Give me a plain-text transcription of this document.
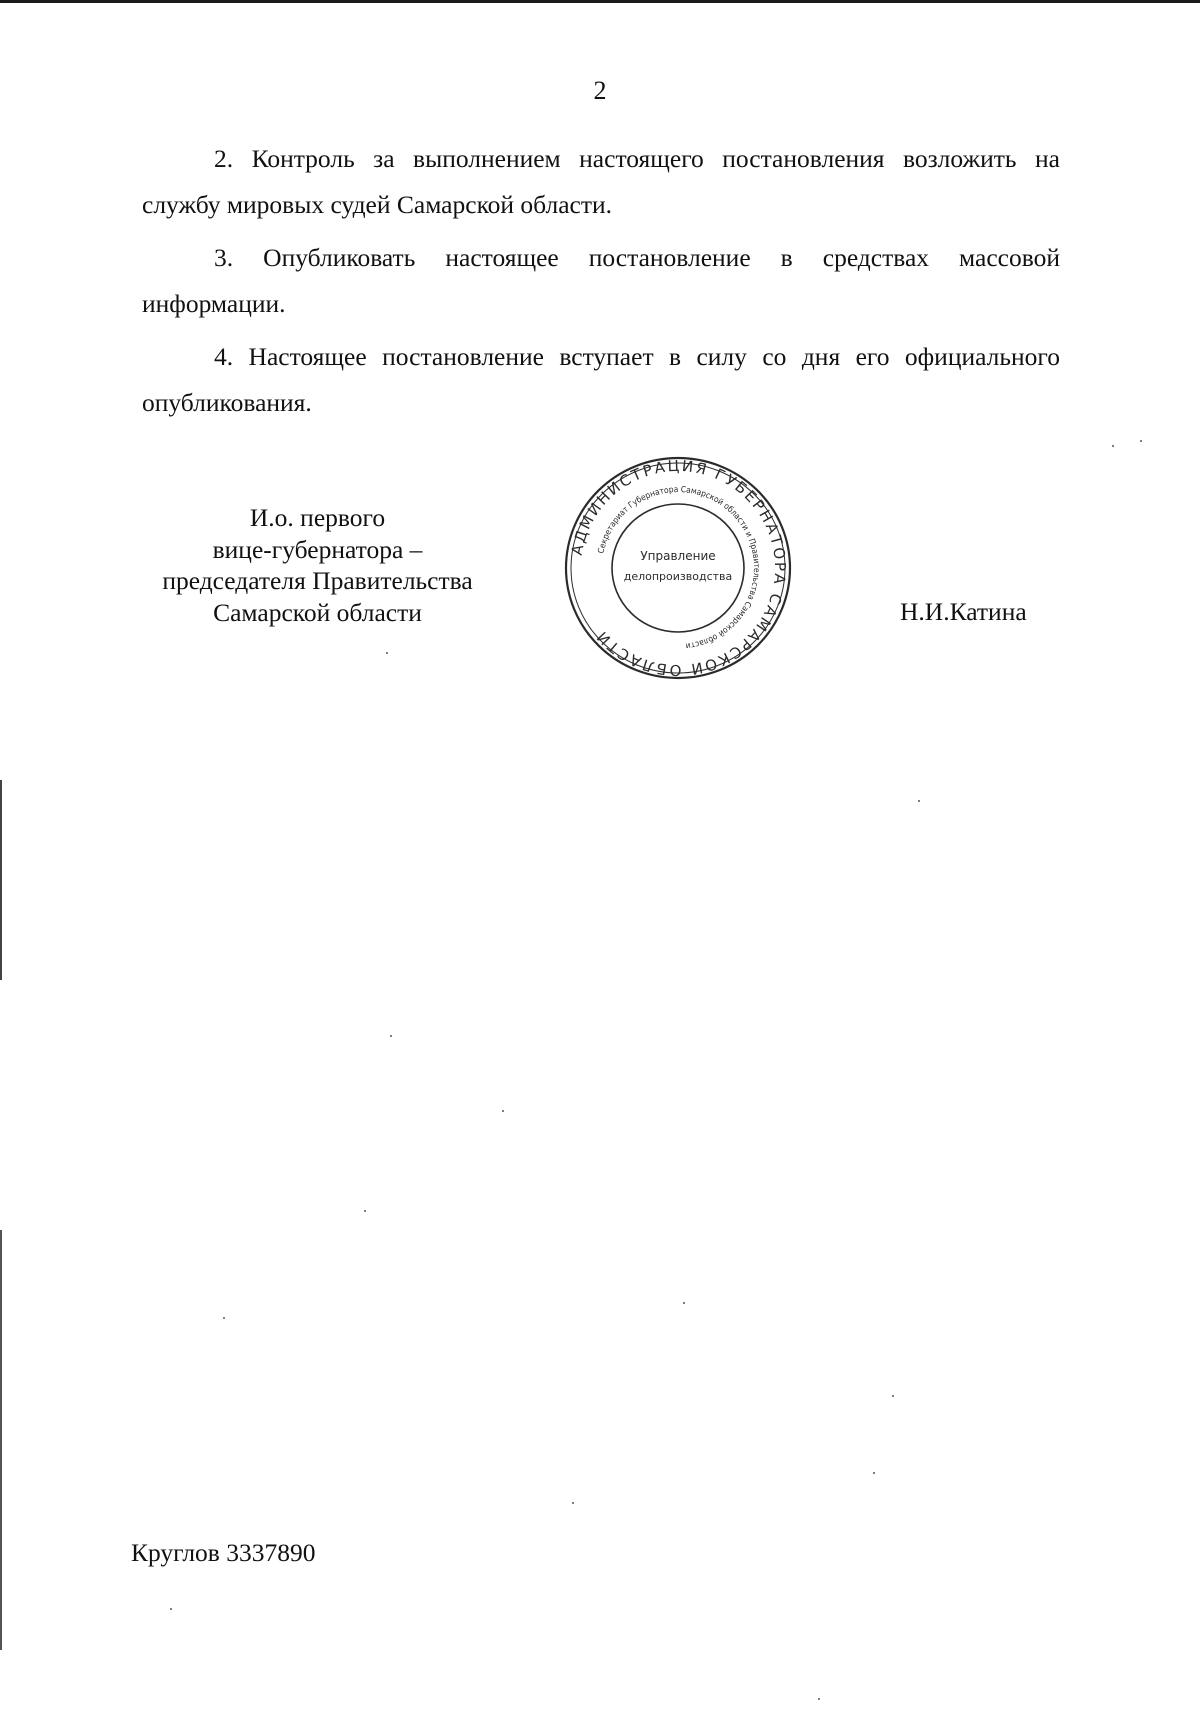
2

2. Контроль за выполнением настоящего постановления возложить на службу мировых судей Самарской области.

3. Опубликовать настоящее постановление в средствах массовой информации.

4. Настоящее постановление вступает в силу со дня его официального опубликования.

И.о. первого
вице-губернатора –
председателя Правительства
Самарской области
АДМИНИСТРАЦИЯ ГУБЕРНАТОРА САМАРСКОЙ ОБЛАСТИ
Секретариат Губернатора Самарской области и Правительства Самарской области
Управление
делопроизводства
Н.И.Катина
Круглов 3337890
